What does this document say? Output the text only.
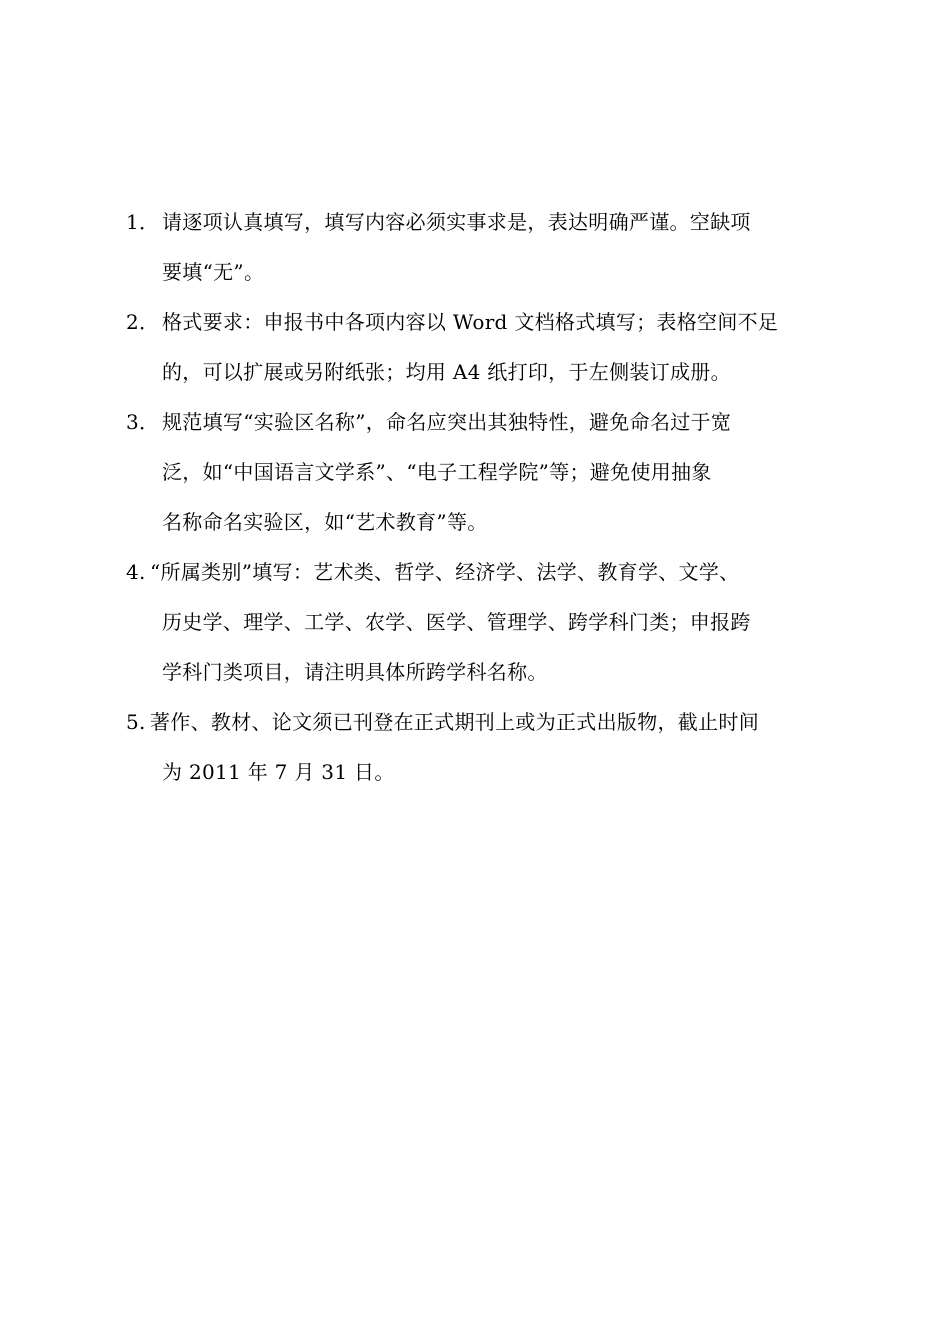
1． 请逐项认真填写，填写内容必须实事求是，表达明确严谨。空缺项
要填“无”。
2． 格式要求：申报书中各项内容以 Word 文档格式填写；表格空间不足
的，可以扩展或另附纸张；均用 A4 纸打印，于左侧装订成册。
3． 规范填写“实验区名称”，命名应突出其独特性，避免命名过于宽
泛，如“中国语言文学系”、“电子工程学院”等；避免使用抽象
名称命名实验区，如“艺术教育”等。
4. “所属类别”填写：艺术类、哲学、经济学、法学、教育学、文学、
历史学、理学、工学、农学、医学、管理学、跨学科门类；申报跨
学科门类项目，请注明具体所跨学科名称。
5. 著作、教材、论文须已刊登在正式期刊上或为正式出版物，截止时间
为 2011 年 7 月 31 日。
